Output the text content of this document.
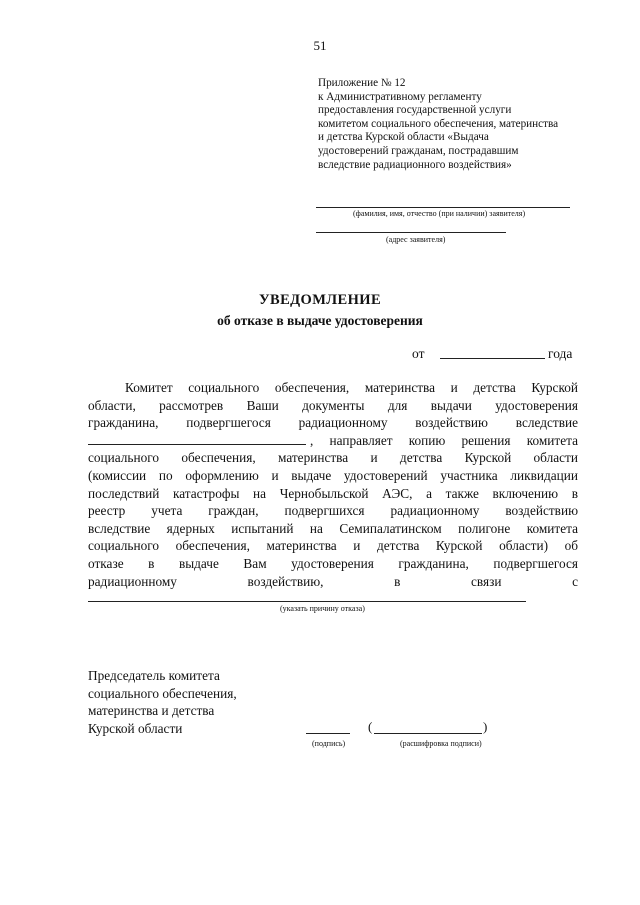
51
Приложение № 12
к Административному регламенту
предоставления государственной услуги
комитетом социального обеспечения, материнства
и детства Курской области «Выдача
удостоверений гражданам, пострадавшим
вследствие радиационного воздействия»
(фамилия, имя, отчество (при наличии) заявителя)
(адрес заявителя)
УВЕДОМЛЕНИЕ
об отказе в выдаче удостоверения
от	года
Комитет социального обеспечения, материнства и детства Курской
области, рассмотрев Ваши документы для выдачи удостоверения
гражданина, подвергшегося радиационному воздействию вследствие
, направляет копию решения комитета
социального обеспечения, материнства и детства Курской области
(комиссии по оформлению и выдаче удостоверений участника ликвидации
последствий катастрофы на Чернобыльской АЭС, а также включению в
реестр учета граждан, подвергшихся радиационному воздействию
вследствие ядерных испытаний на Семипалатинском полигоне комитета
социального обеспечения, материнства и детства Курской области) об
отказе в выдаче Вам удостоверения гражданина, подвергшегося
радиационному воздействию, в связи с
(указать причину отказа)
Председатель комитета
социального обеспечения,
материнства и детства
Курской области
(подпись)
(	)
(расшифровка подписи)
